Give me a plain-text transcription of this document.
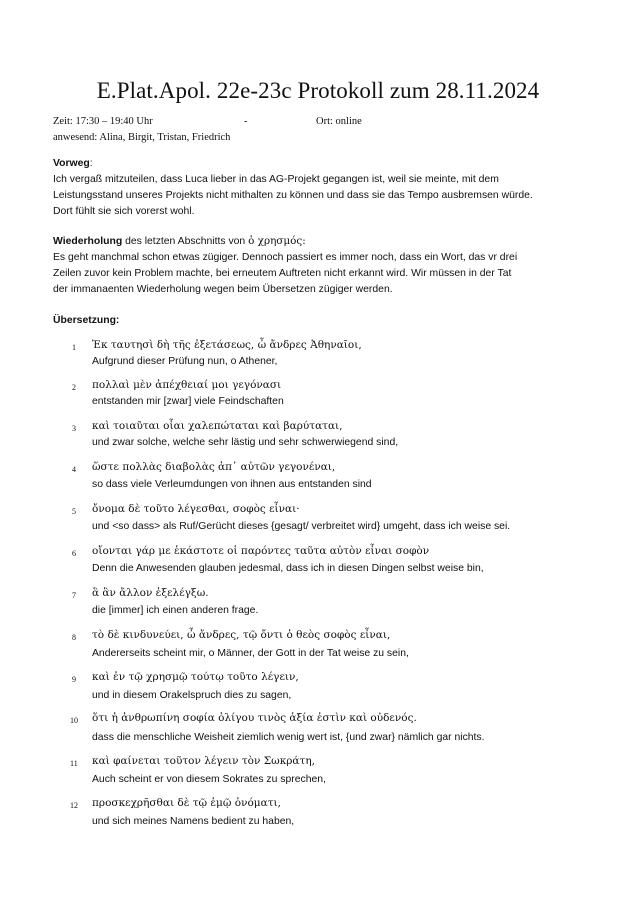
E.Plat.Apol. 22e-23c Protokoll zum 28.11.2024
Zeit: 17:30 – 19:40 Uhr	-	Ort: online
anwesend: Alina, Birgit, Tristan, Friedrich
Vorweg:
Ich vergaß mitzuteilen, dass Luca lieber in das AG-Projekt gegangen ist, weil sie meinte, mit dem
Leistungsstand unseres Projekts nicht mithalten zu können und dass sie das Tempo ausbremsen würde.
Dort fühlt sie sich vorerst wohl.
Wiederholung des letzten Abschnitts von ὁ χρησμός:
Es geht manchmal schon etwas zügiger. Dennoch passiert es immer noch, dass ein Wort, das vr drei
Zeilen zuvor kein Problem machte, bei erneutem Auftreten nicht erkannt wird. Wir müssen in der Tat
der immanaenten Wiederholung wegen beim Übersetzen zügiger werden.
Übersetzung:
1	Ἐκ ταυτησὶ δὴ τῆς ἐξετάσεως, ὦ ἄνδρες Ἀθηναῖοι,
Aufgrund dieser Prüfung nun, o Athener,
2	πολλαὶ μὲν ἀπέχθειαί μοι γεγόνασι
entstanden mir [zwar] viele Feindschaften
3	καὶ τοιαῦται οἷαι χαλεπώταται καὶ βαρύταται,
und zwar solche, welche sehr lästig und sehr schwerwiegend sind,
4	ὥστε πολλὰς διαβολὰς ἀπ᾽ αὐτῶν γεγονέναι,
so dass viele Verleumdungen von ihnen aus entstanden sind
5	ὄνομα δὲ τοῦτο λέγεσθαι, σοφὸς εἶναι·
und <so dass> als Ruf/Gerücht dieses {gesagt/ verbreitet wird} umgeht, dass ich weise sei.
6	οἴονται γάρ με ἑκάστοτε οἱ παρόντες ταῦτα αὐτὸν εἶναι σοφὸν
Denn die Anwesenden glauben jedesmal, dass ich in diesen Dingen selbst weise bin,
7	ἃ ἂν ἄλλον ἐξελέγξω.
die [immer] ich einen anderen frage.
8	τὸ δὲ κινδυνεύει, ὦ ἄνδρες, τῷ ὄντι ὁ θεὸς σοφὸς εἶναι,
Andererseits scheint mir, o Männer, der Gott in der Tat weise zu sein,
9	καὶ ἐν τῷ χρησμῷ τούτῳ τοῦτο λέγειν,
und in diesem Orakelspruch dies zu sagen,
10	ὅτι ἡ ἀνθρωπίνη σοφία ὀλίγου τινὸς ἀξία ἐστὶν καὶ οὐδενός.
dass die menschliche Weisheit ziemlich wenig wert ist, {und zwar} nämlich gar nichts.
11	καὶ φαίνεται τοῦτον λέγειν τὸν Σωκράτη,
Auch scheint er von diesem Sokrates zu sprechen,
12	προσκεχρῆσθαι δὲ τῷ ἐμῷ ὀνόματι,
und sich meines Namens bedient zu haben,
